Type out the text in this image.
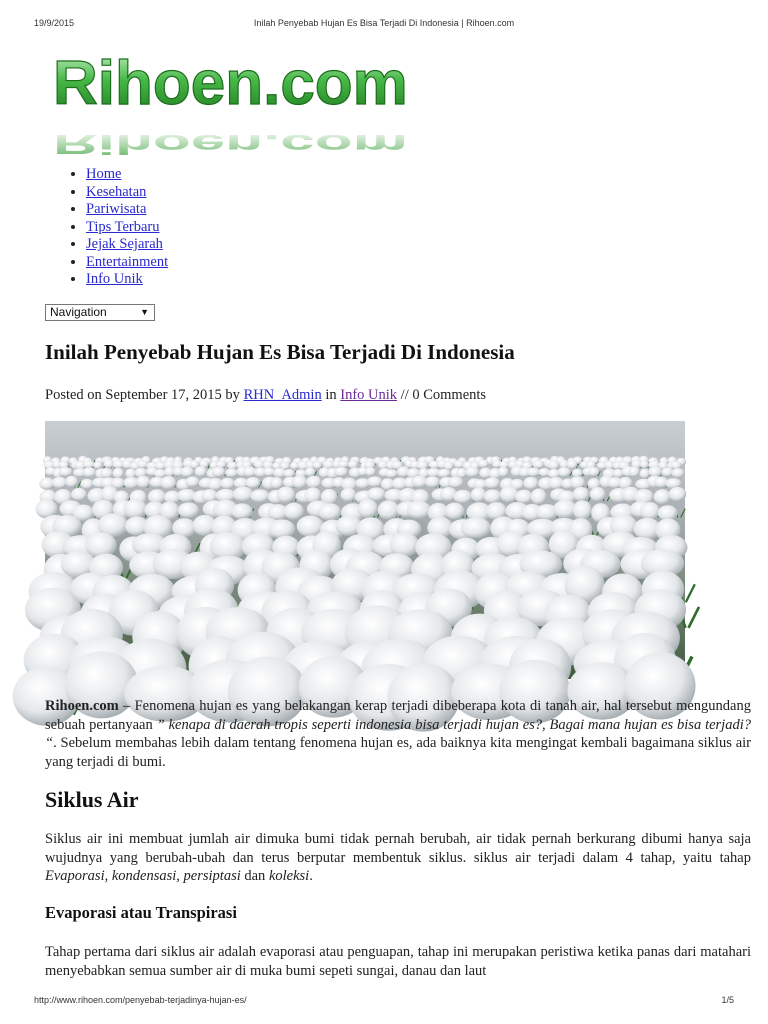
19/9/2015	Inilah Penyebab Hujan Es Bisa Terjadi Di Indonesia | Rihoen.com
Rihoen.com
Rihoen.com
• Home
• Kesehatan
• Pariwisata
• Tips Terbaru
• Jejak Sejarah
• Entertainment
• Info Unik
Navigation	▼
Inilah Penyebab Hujan Es Bisa Terjadi Di Indonesia
Posted on September 17, 2015 by RHN_Admin in Info Unik // 0 Comments

Rihoen.com – Fenomena hujan es yang belakangan kerap terjadi dibeberapa kota di tanah air, hal tersebut mengundang sebuah pertanyaan ” kenapa di daerah tropis seperti indonesia bisa terjadi hujan es?, Bagai mana hujan es bisa terjadi? “. Sebelum membahas lebih dalam tentang fenomena hujan es, ada baiknya kita mengingat kembali bagaimana siklus air yang terjadi di bumi.

Siklus Air

Siklus air ini membuat jumlah air dimuka bumi tidak pernah berubah, air tidak pernah berkurang dibumi hanya saja wujudnya yang berubah-ubah dan terus berputar membentuk siklus. siklus air terjadi dalam 4 tahap, yaitu tahap Evaporasi, kondensasi, persiptasi dan koleksi.

Evaporasi atau Transpirasi

Tahap pertama dari siklus air adalah evaporasi atau penguapan, tahap ini merupakan peristiwa ketika panas dari matahari menyebabkan semua sumber air di muka bumi sepeti sungai, danau dan laut

http://www.rihoen.com/penyebab-terjadinya-hujan-es/	1/5
